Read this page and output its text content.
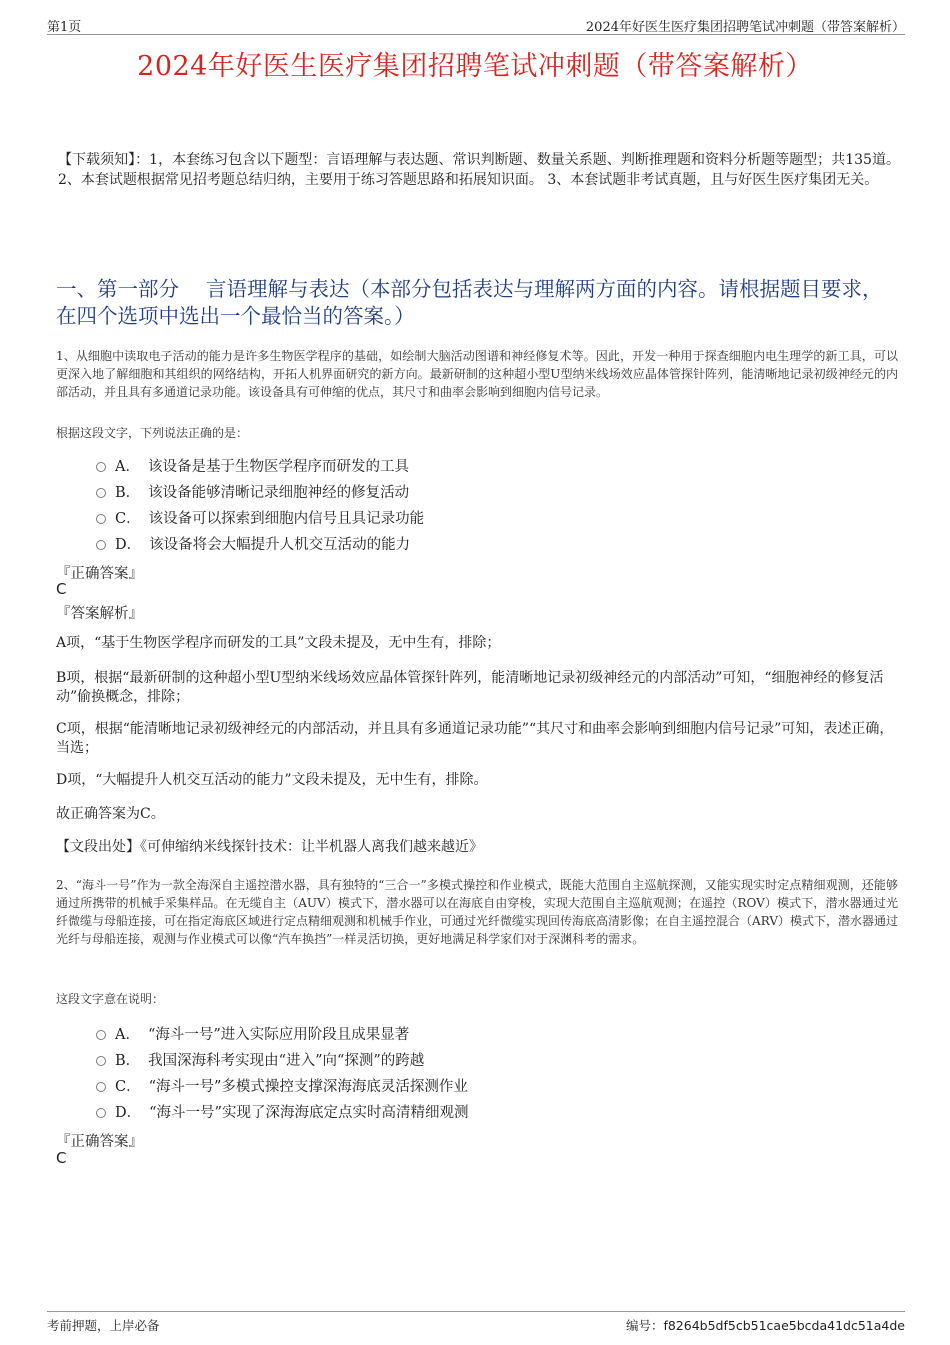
第1页	2024年好医生医疗集团招聘笔试冲刺题（带答案解析）
2024年好医生医疗集团招聘笔试冲刺题（带答案解析）
【下载须知】：1，本套练习包含以下题型：言语理解与表达题、常识判断题、数量关系题、判断推理题和资料分析题等题型；共135道。 2、本套试题根据常见招考题总结归纳，主要用于练习答题思路和拓展知识面。 3、本套试题非考试真题，且与好医生医疗集团无关。
一、第一部分　 言语理解与表达（本部分包括表达与理解两方面的内容。请根据题目要求，在四个选项中选出一个最恰当的答案。）
1、从细胞中读取电子活动的能力是许多生物医学程序的基础，如绘制大脑活动图谱和神经修复术等。因此，开发一种用于探查细胞内电生理学的新工具，可以更深入地了解细胞和其组织的网络结构，开拓人机界面研究的新方向。最新研制的这种超小型U型纳米线场效应晶体管探针阵列，能清晰地记录初级神经元的内部活动，并且具有多通道记录功能。该设备具有可伸缩的优点，其尺寸和曲率会影响到细胞内信号记录。
根据这段文字，下列说法正确的是：
A． 该设备是基于生物医学程序而研发的工具
B． 该设备能够清晰记录细胞神经的修复活动
C． 该设备可以探索到细胞内信号且具记录功能
D． 该设备将会大幅提升人机交互活动的能力
『正确答案』
C
『答案解析』

A项，“基于生物医学程序而研发的工具”文段未提及，无中生有，排除；

B项，根据“最新研制的这种超小型U型纳米线场效应晶体管探针阵列，能清晰地记录初级神经元的内部活动”可知，“细胞神经的修复活动”偷换概念，排除；

C项，根据“能清晰地记录初级神经元的内部活动，并且具有多通道记录功能”“其尺寸和曲率会影响到细胞内信号记录”可知，表述正确，当选；

D项，“大幅提升人机交互活动的能力”文段未提及，无中生有，排除。

故正确答案为C。

【文段出处】《可伸缩纳米线探针技术：让半机器人离我们越来越近》

2、“海斗一号”作为一款全海深自主遥控潜水器，具有独特的“三合一”多模式操控和作业模式，既能大范围自主巡航探测，又能实现实时定点精细观测，还能够通过所携带的机械手采集样品。在无缆自主（AUV）模式下，潜水器可以在海底自由穿梭，实现大范围自主巡航观测；在遥控（ROV）模式下，潜水器通过光纤微缆与母船连接，可在指定海底区域进行定点精细观测和机械手作业，可通过光纤微缆实现回传海底高清影像；在自主遥控混合（ARV）模式下，潜水器通过光纤与母船连接，观测与作业模式可以像“汽车换挡”一样灵活切换，更好地满足科学家们对于深渊科考的需求。
这段文字意在说明：
A． “海斗一号”进入实际应用阶段且成果显著
B． 我国深海科考实现由“进入”向“探测”的跨越
C． “海斗一号”多模式操控支撑深海海底灵活探测作业
D． “海斗一号”实现了深海海底定点实时高清精细观测
『正确答案』
C
考前押题，上岸必备	编号：f8264b5df5cb51cae5bcda41dc51a4de
